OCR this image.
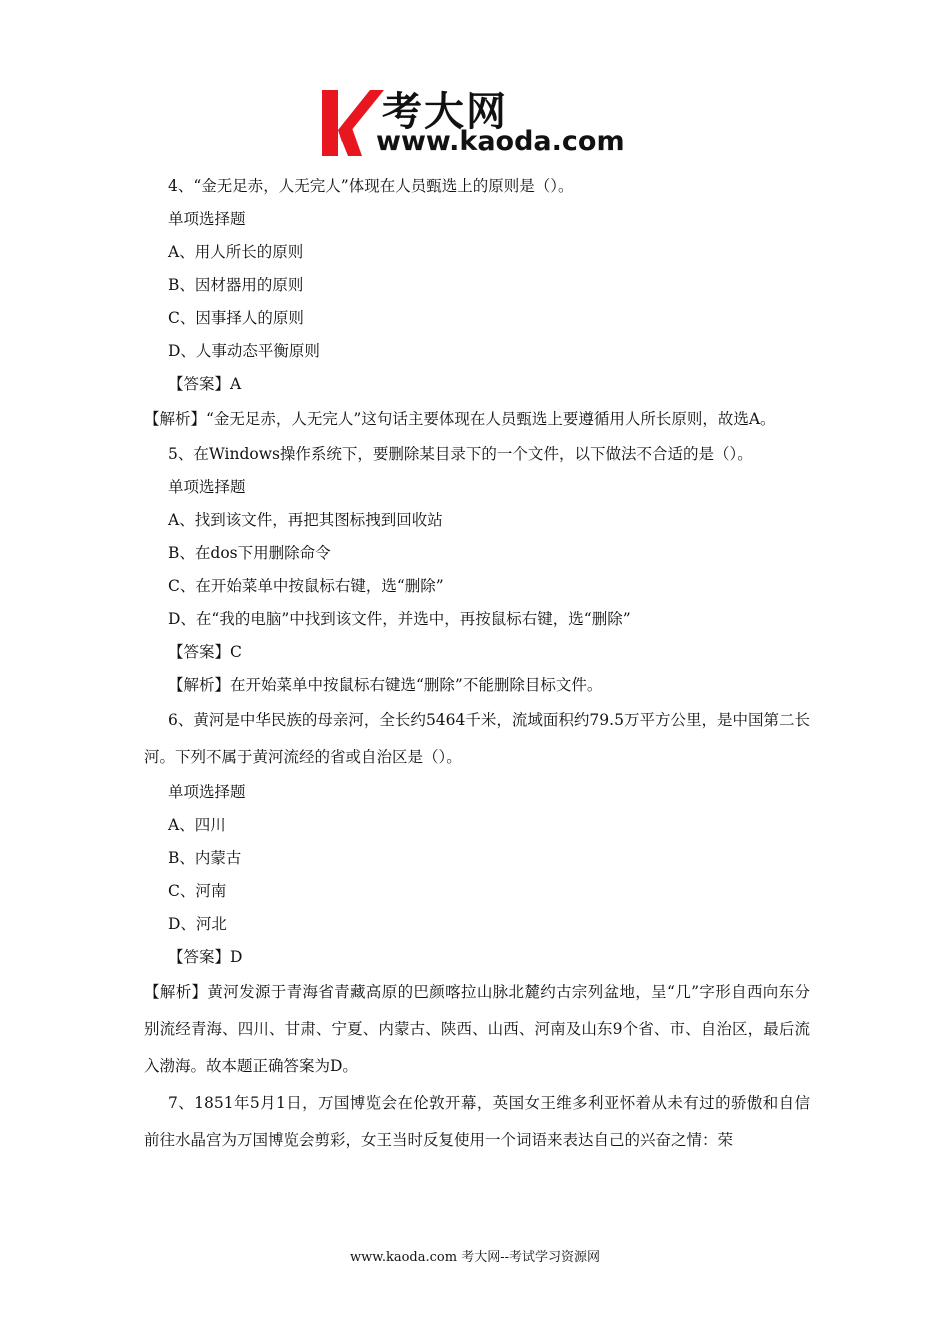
考大网
www.kaoda.com
4、“金无足赤，人无完人”体现在人员甄选上的原则是（）。
单项选择题
A、用人所长的原则
B、因材器用的原则
C、因事择人的原则
D、人事动态平衡原则
【答案】A
【解析】“金无足赤，人无完人”这句话主要体现在人员甄选上要遵循用人所长原则，故选A。
5、在Windows操作系统下，要删除某目录下的一个文件，以下做法不合适的是（）。
单项选择题
A、找到该文件，再把其图标拽到回收站
B、在dos下用删除命令
C、在开始菜单中按鼠标右键，选“删除”
D、在“我的电脑”中找到该文件，并选中，再按鼠标右键，选“删除”
【答案】C
【解析】在开始菜单中按鼠标右键选“删除”不能删除目标文件。
6、黄河是中华民族的母亲河，全长约5464千米，流域面积约79.5万平方公里，是中国第二长河。下列不属于黄河流经的省或自治区是（）。
单项选择题
A、四川
B、内蒙古
C、河南
D、河北
【答案】D
【解析】黄河发源于青海省青藏高原的巴颜喀拉山脉北麓约古宗列盆地，呈“几”字形自西向东分别流经青海、四川、甘肃、宁夏、内蒙古、陕西、山西、河南及山东9个省、市、自治区，最后流入渤海。故本题正确答案为D。
7、1851年5月1日，万国博览会在伦敦开幕，英国女王维多利亚怀着从未有过的骄傲和自信前往水晶宫为万国博览会剪彩，女王当时反复使用一个词语来表达自己的兴奋之情：荣
www.kaoda.com 考大网--考试学习资源网
